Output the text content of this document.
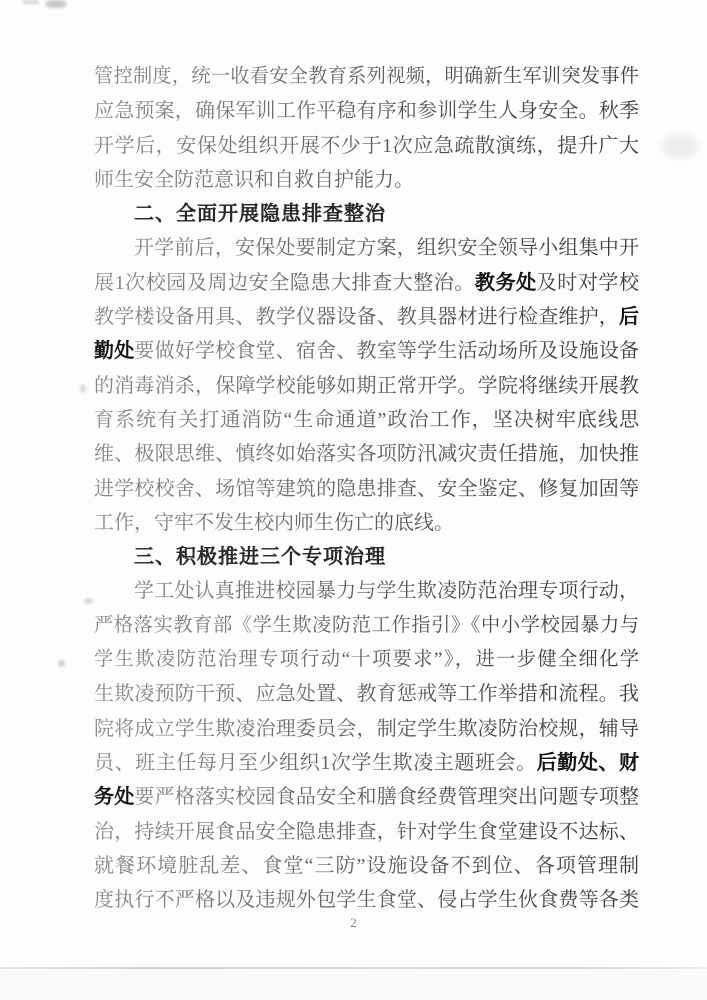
管控制度，统一收看安全教育系列视频，明确新生军训突发事件
应急预案，确保军训工作平稳有序和参训学生人身安全。秋季
开学后，安保处组织开展不少于1次应急疏散演练，提升广大
师生安全防范意识和自救自护能力。
二、全面开展隐患排查整治
开学前后，安保处要制定方案，组织安全领导小组集中开
展1次校园及周边安全隐患大排查大整治。教务处及时对学校
教学楼设备用具、教学仪器设备、教具器材进行检查维护，后
勤处要做好学校食堂、宿舍、教室等学生活动场所及设施设备
的消毒消杀，保障学校能够如期正常开学。学院将继续开展教
育系统有关打通消防“生命通道”政治工作，坚决树牢底线思
维、极限思维、慎终如始落实各项防汛减灾责任措施，加快推
进学校校舍、场馆等建筑的隐患排查、安全鉴定、修复加固等
工作，守牢不发生校内师生伤亡的底线。
三、积极推进三个专项治理
学工处认真推进校园暴力与学生欺凌防范治理专项行动，
严格落实教育部《学生欺凌防范工作指引》《中小学校园暴力与
学生欺凌防范治理专项行动“十项要求”》，进一步健全细化学
生欺凌预防干预、应急处置、教育惩戒等工作举措和流程。我
院将成立学生欺凌治理委员会，制定学生欺凌防治校规，辅导
员、班主任每月至少组织1次学生欺凌主题班会。后勤处、财
务处要严格落实校园食品安全和膳食经费管理突出问题专项整
治，持续开展食品安全隐患排查，针对学生食堂建设不达标、
就餐环境脏乱差、食堂“三防”设施设备不到位、各项管理制
度执行不严格以及违规外包学生食堂、侵占学生伙食费等各类
2
